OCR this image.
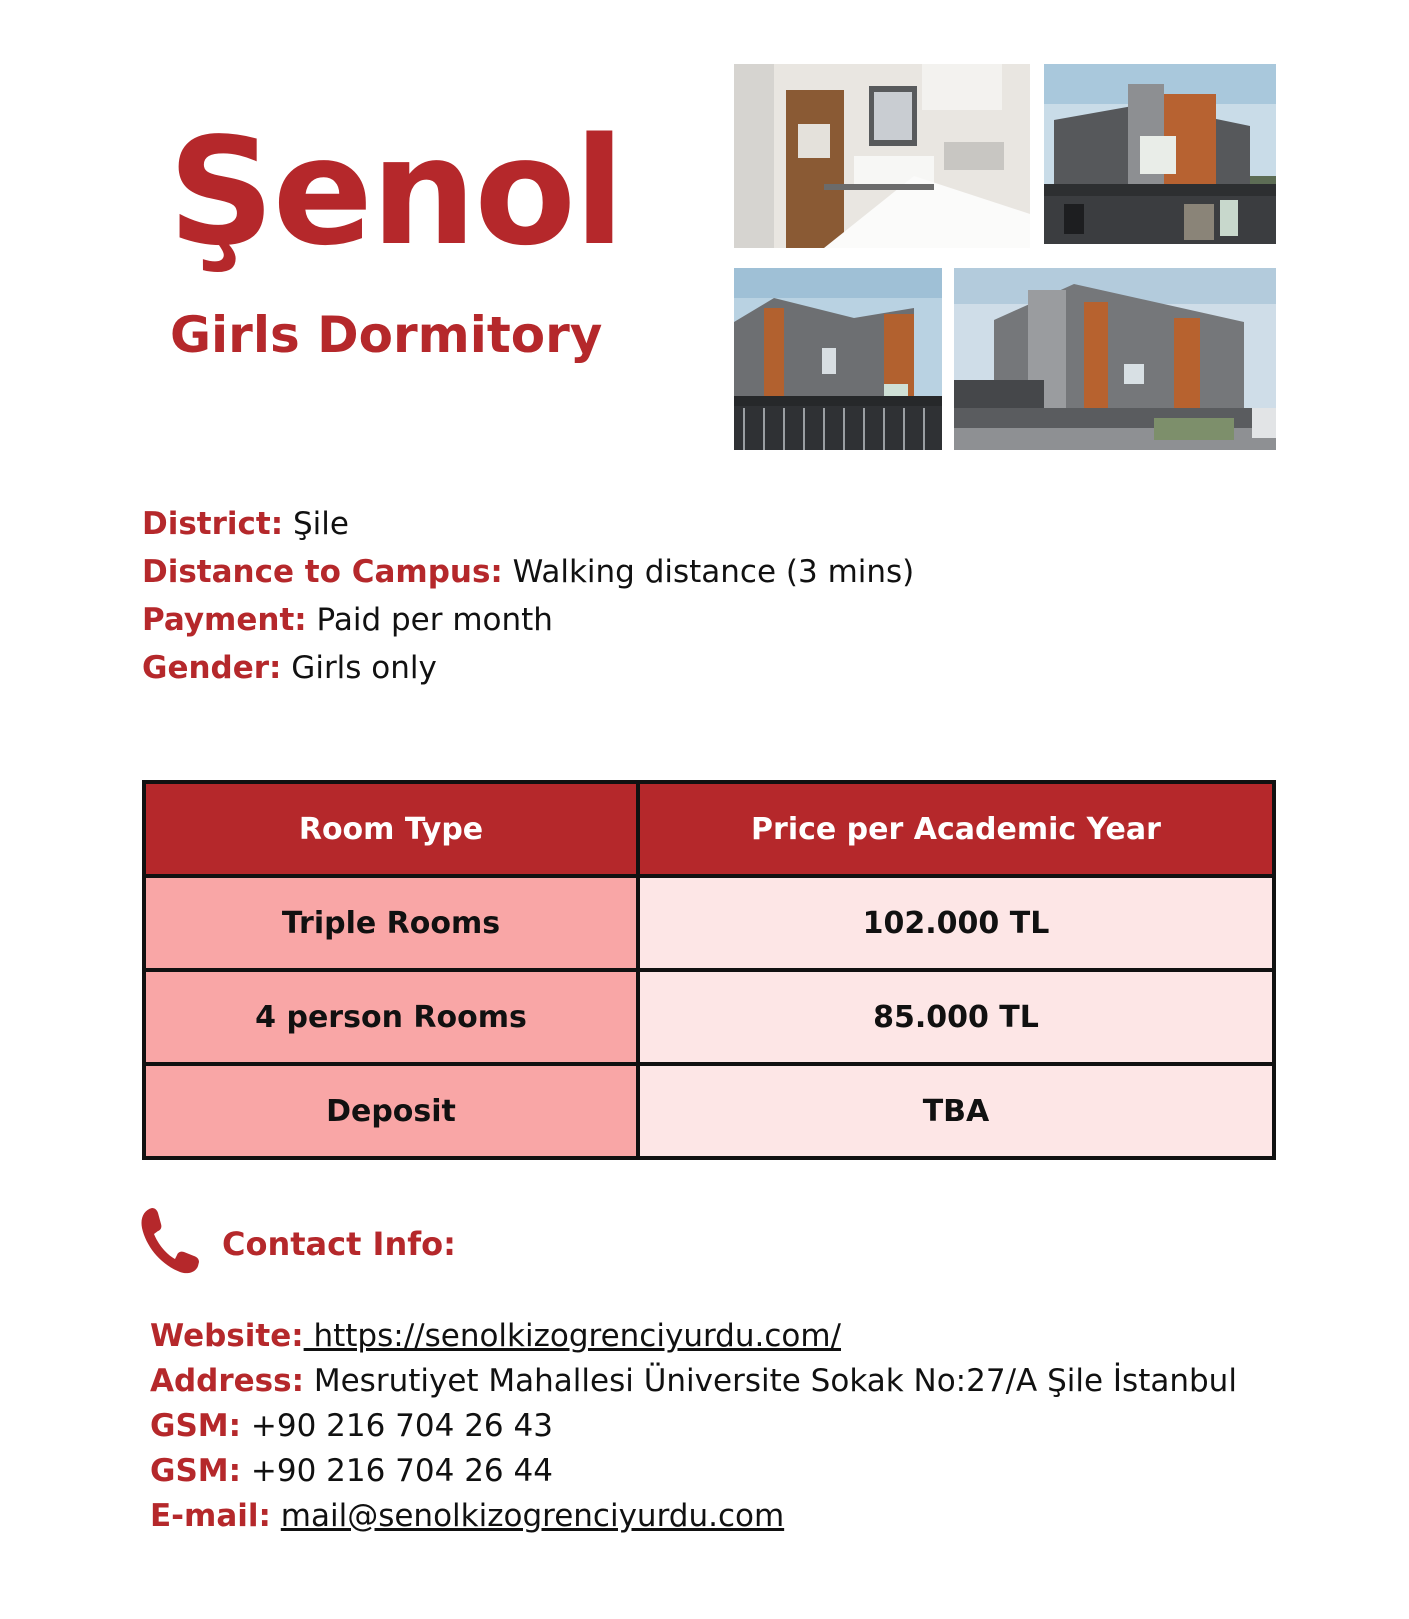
Şenol
Girls Dormitory
District: Şile
Distance to Campus: Walking distance (3 mins)
Payment: Paid per month
Gender: Girls only
Room Type	Price per Academic Year
Triple Rooms	102.000 TL
4 person Rooms	85.000 TL
Deposit	TBA
Contact Info:
Website: https://senolkizogrenciyurdu.com/
Address: Mesrutiyet Mahallesi Üniversite Sokak No:27/A Şile İstanbul
GSM: +90 216 704 26 43
GSM: +90 216 704 26 44
E-mail: mail@senolkizogrenciyurdu.com
